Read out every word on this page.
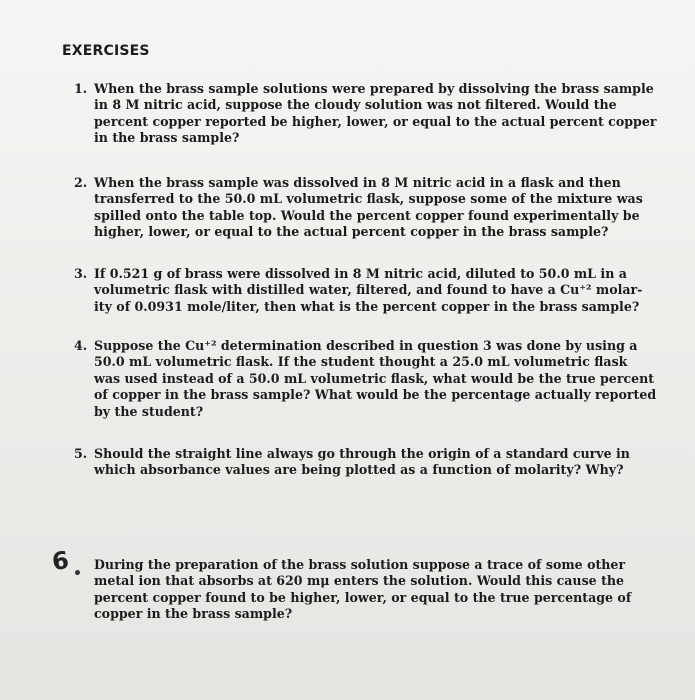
EXERCISES
1. When the brass sample solutions were prepared by dissolving the brass sample
in 8 M nitric acid, suppose the cloudy solution was not filtered. Would the
percent copper reported be higher, lower, or equal to the actual percent copper
in the brass sample?
2. When the brass sample was dissolved in 8 M nitric acid in a flask and then
transferred to the 50.0 mL volumetric flask, suppose some of the mixture was
spilled onto the table top. Would the percent copper found experimentally be
higher, lower, or equal to the actual percent copper in the brass sample?
3. If 0.521 g of brass were dissolved in 8 M nitric acid, diluted to 50.0 mL in a
volumetric flask with distilled water, filtered, and found to have a Cu⁺² molar-
ity of 0.0931 mole/liter, then what is the percent copper in the brass sample?
4. Suppose the Cu⁺² determination described in question 3 was done by using a
50.0 mL volumetric flask. If the student thought a 25.0 mL volumetric flask
was used instead of a 50.0 mL volumetric flask, what would be the true percent
of copper in the brass sample? What would be the percentage actually reported
by the student?
5. Should the straight line always go through the origin of a standard curve in
which absorbance values are being plotted as a function of molarity? Why?
6 •
During the preparation of the brass solution suppose a trace of some other
metal ion that absorbs at 620 mμ enters the solution. Would this cause the
percent copper found to be higher, lower, or equal to the true percentage of
copper in the brass sample?
